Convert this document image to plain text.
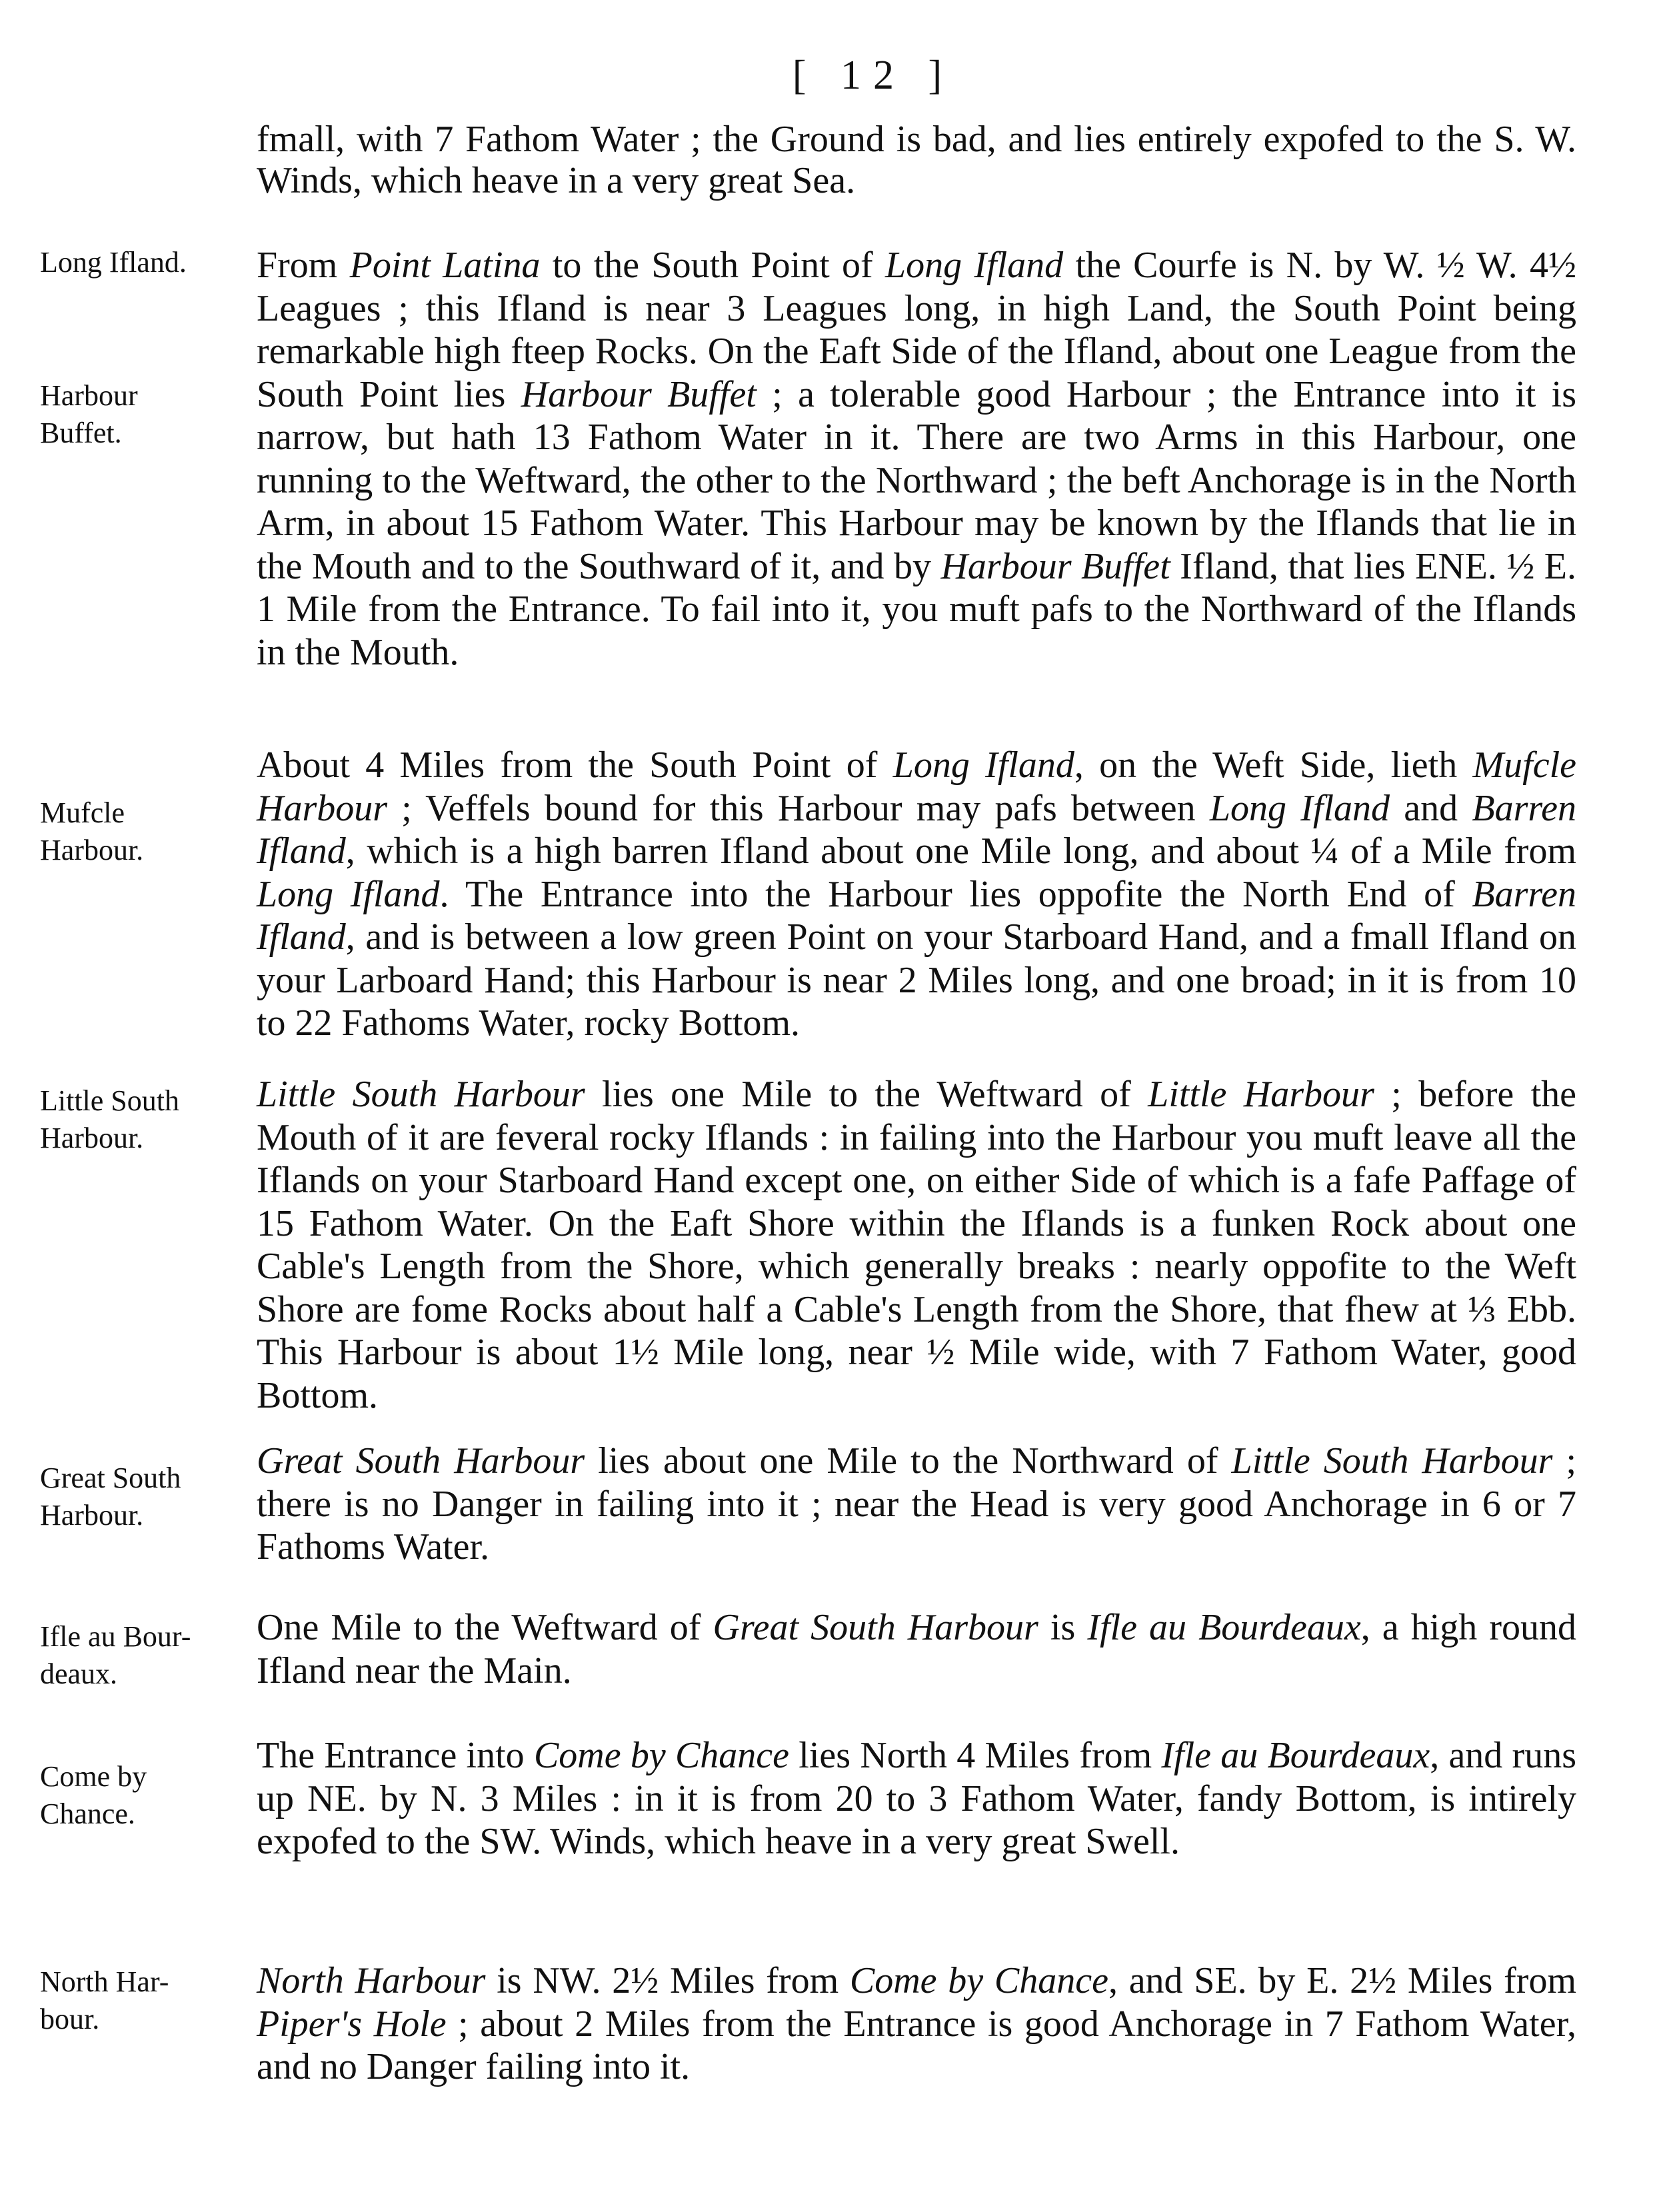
[ 12 ]
fmall, with 7 Fathom Water ; the Ground is bad, and lies entirely expofed to the S. W. Winds, which heave in a very great Sea.
Long Ifland.	From Point Latina to the South Point of Long Ifland the Courfe is N. by W. ½ W. 4½ Leagues ; this Ifland is near 3 Leagues long, in high Land, the South Point being remarkable high fteep Rocks. On the Eaft Side of the Ifland, about one League from the South Point lies Harbour Buffet ; a tolerable good Harbour ; the Entrance into it is narrow, but hath 13 Fathom Water in it. There are two Arms in this Harbour, one running to the Weftward, the other to the Northward ; the beft Anchorage is in the North Arm, in about 15 Fathom Water. This Harbour may be known by the Iflands that lie in the Mouth and to the Southward of it, and by Harbour Buffet Ifland, that lies ENE. ½ E. 1 Mile from the Entrance. To fail into it, you muft pafs to the Northward of the Iflands in the Mouth.
Harbour
Buffet.
Mufcle
Harbour.
About 4 Miles from the South Point of Long Ifland, on the Weft Side, lieth Mufcle Harbour ; Veffels bound for this Harbour may pafs between Long Ifland and Barren Ifland, which is a high barren Ifland about one Mile long, and about ¼ of a Mile from Long Ifland. The Entrance into the Harbour lies oppofite the North End of Barren Ifland, and is between a low green Point on your Starboard Hand, and a fmall Ifland on your Larboard Hand; this Harbour is near 2 Miles long, and one broad; in it is from 10 to 22 Fathoms Water, rocky Bottom.
Little South
Harbour.
Little South Harbour lies one Mile to the Weftward of Little Harbour ; before the Mouth of it are feveral rocky Iflands : in failing into the Harbour you muft leave all the Iflands on your Starboard Hand except one, on either Side of which is a fafe Paffage of 15 Fathom Water. On the Eaft Shore within the Iflands is a funken Rock about one Cable's Length from the Shore, which generally breaks : nearly oppofite to the Weft Shore are fome Rocks about half a Cable's Length from the Shore, that fhew at ⅓ Ebb. This Harbour is about 1½ Mile long, near ½ Mile wide, with 7 Fathom Water, good Bottom.
Great South
Harbour.
Great South Harbour lies about one Mile to the Northward of Little South Harbour ; there is no Danger in failing into it ; near the Head is very good Anchorage in 6 or 7 Fathoms Water.
Ifle au Bour-
deaux.
One Mile to the Weftward of Great South Harbour is Ifle au Bourdeaux, a high round Ifland near the Main.
Come by
Chance.
The Entrance into Come by Chance lies North 4 Miles from Ifle au Bourdeaux, and runs up NE. by N. 3 Miles : in it is from 20 to 3 Fathom Water, fandy Bottom, is intirely expofed to the SW. Winds, which heave in a very great Swell.
North Har-
bour.
North Harbour is NW. 2½ Miles from Come by Chance, and SE. by E. 2½ Miles from Piper's Hole ; about 2 Miles from the Entrance is good Anchorage in 7 Fathom Water, and no Danger failing into it.
